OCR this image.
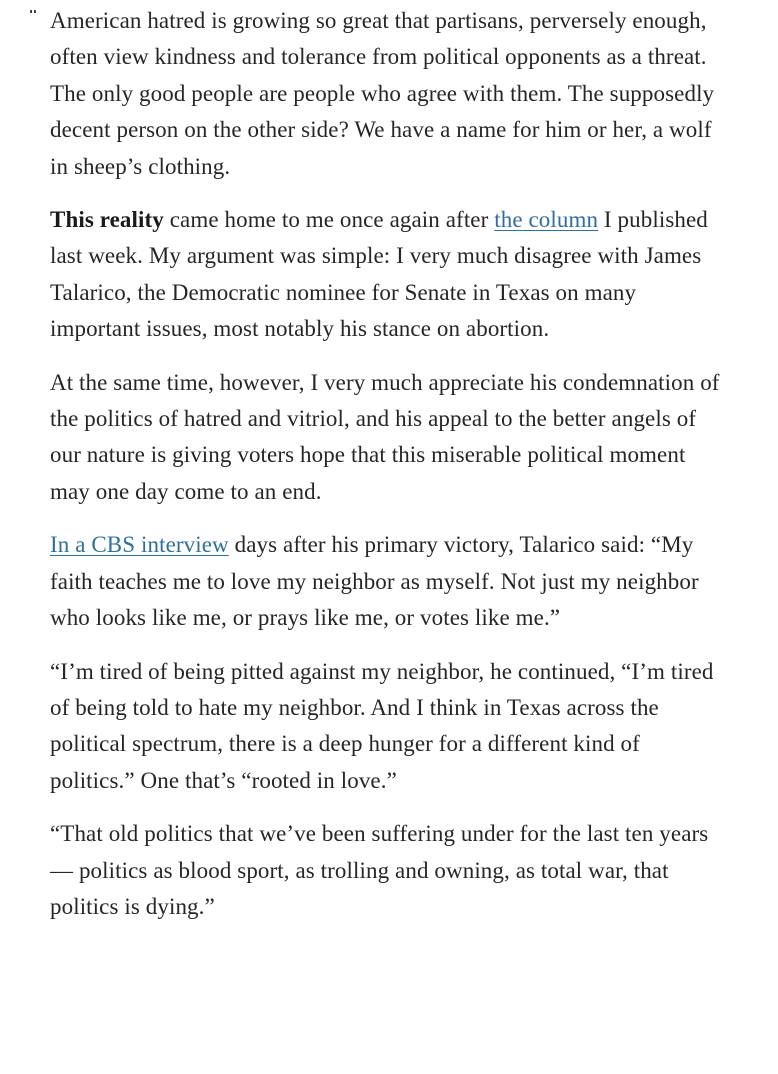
American hatred is growing so great that partisans, perversely enough, often view kindness and tolerance from political opponents as a threat. The only good people are people who agree with them. The supposedly decent person on the other side? We have a name for him or her, a wolf in sheep’s clothing.

This reality came home to me once again after the column I published last week. My argument was simple: I very much disagree with James Talarico, the Democratic nominee for Senate in Texas on many important issues, most notably his stance on abortion.

At the same time, however, I very much appreciate his condemnation of the politics of hatred and vitriol, and his appeal to the better angels of our nature is giving voters hope that this miserable political moment may one day come to an end.

In a CBS interview days after his primary victory, Talarico said: “My faith teaches me to love my neighbor as myself. Not just my neighbor who looks like me, or prays like me, or votes like me.”

“I’m tired of being pitted against my neighbor, he continued, “I’m tired of being told to hate my neighbor. And I think in Texas across the political spectrum, there is a deep hunger for a different kind of politics.” One that’s “rooted in love.”

“That old politics that we’ve been suffering under for the last ten years — politics as blood sport, as trolling and owning, as total war, that politics is dying.”
